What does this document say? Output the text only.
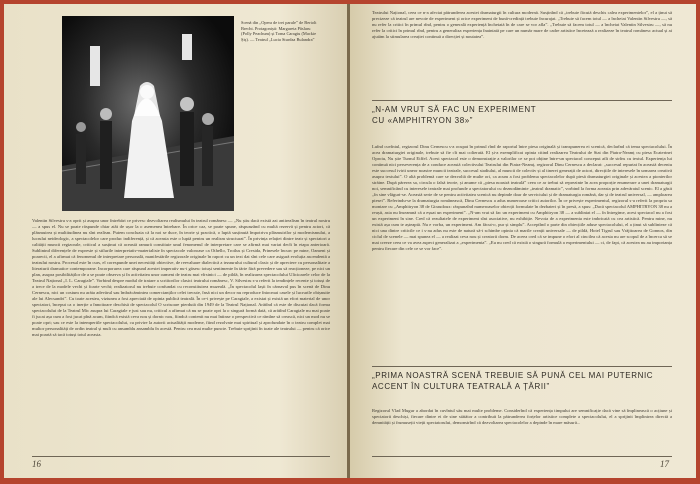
Scenă din „Opera de trei parale” de Bertolt Brecht. Protagoniști: Margareta Pâslaru (Polly Peachum) și Toma Caragiu (Mackie Șiș). — Teatrul „Lucia Sturdza Bulandra”

Valentin Silvestru s-a oprit și asupra unor întrebări ce privesc dezvoltarea realismului în teatrul românesc — „Nu știu dacă există azi antirealism în teatrul nostru — a spus el. Nu se poate răspunde chiar atât de ușor la o asemenea întrebare. În orice caz, se poate spune, răspunzând cu multă rezervă și pentru actori, că plăsmuirea și multitudinea nu sînt realism. Putem concluzia că la noi se duce, în teorie și practică, o luptă susținută împotriva plăsmuirilor și modernismului, a lucrului neideologic, a spectacolelor care produc indiferență, și că aceasta este o luptă pentru un realism structurat”. În privința relației dintre teatr și spectatori a calității muncii regizorale, criticul a susținut că această ramură constituie unul fenomenul de interpretare care se afirmă mai variat decît în etapa anterioară. Sublinind diferențele de expresie și stilurile interpretativ-materialiste în spectacole valoroase ca Othello, Troilus și Cresida, Prinesele încurc pe mine, Oameni și poarecii, el a afirmat că fenomenul de interpretare personală, manifestările regizorale originale în raport cu un text dat sînt cele care asigură evoluția ascendentă a teatrului nostru. Procesul este în curs, el corespunde unei necesități obiective, de reevaluare dialectică a tezaurului cultural clasic și de apreciere cu personalitate a literaturii dramatice contemporane. Incorporarea care răspund acestei imperativ nu-i găsesc totuși sentimente în tărie fără prevedere sau să reacționeze, pe nici un plan, asupra posibilităților de a se poate observa și în activitatea unor oameni de teatru mai vîrstnici — de pildă, în realizarea spectacolului Ulicioarele celor de la Teatrul Național „I. L. Caragiale”. Vorbind despre modul de tratare a scriitorilor clasici teatrului românesc, V. Silvestru s-a referit la tendințele recente și totuși de a trece de la modele vechi și foarte vechi; realizatorul nu trebuie confundat cu reconstituirea muzeală. „În spectacolul lașii în cărnaval pus în scenă de Dinu Cernescu, nici un costum nu arăta adevărul sau îmbrăcămintea comercianților celei trecute, însă nici un decor nu reproduce întocmai casele și lucrurile obișnuite ale lui Alecsandri”. Cu toate acestea, viziunea a fost apreciată de opinia publică teatrală. În ce-i privește pe Caragiale, a existat și există un efort material de unor spectatori, început ca o inerție a înnoitoare deschisă de spectacolul O scrisoare pierdută din 1949 de la Teatrul Național. Arătînd că este de discutat dacă forma spectacolului de la Teatrul Mic asupra lui Caragiale e just sau nu, criticul a afirmat că nu se poate opri la o singură formă dată, că arătînd Caragiale nu mai poate fi jucat așa cum a fost jucat pînă acum, fiindcă există ceva nou și dornic nou, fiindcă contenit nu mai întinse o perspectivă ce rămîne să crească, nici un mod nu se poate opri; sau ce este la intemperiile spectacolului, cu privire la autorii actualității moderne, fiind rezolvate mai spiritual și aprofundate în o teatru complet mai multor personalități de ordin teatral și mult cu ansamblu ansamblu în acestă. Pentru cea mai multe puncte. Trebuie sprijinit în toate ale teatrului — pentru că orice mai poartă să tacă totuși totul aceasta.

16

Teatrului Național, ceea ce n-a afectat pătrunderea acestei dramaturgii în cultura modernă. Susținînd că „trebuie făcută deschis calea experimentelor”, el a ținut să precizeze că teatrul are nevoie de experiment și orice experiment de bună-credință trebuie încurajat. „Trebuie să facem totul — a încheiat Valentin Silvestru —, să nu refer la critici în primul rînd, pentru o generală experiență încheiată în de care se vor afla”. „Trebuie să facem totul — a încheiat Valentin Silvestru —, să nu refer la critici în primul rînd, pentru a generaliza experiența înaintată pe care un număr mare de cadre artistice încetează a realizeze în teatrul românesc actual și ai ajutăm la stimularea creației continuă a direcției și noutatea”.

„N-AM VRUT SĂ FAC UN EXPERIMENT CU «AMPHITRYON 38»”

Luînd cuvîntul, regizorul Dinu Cernescu s-a ocupat în primul rînd de raportul între piesa originală și transpunerea ei scenică, declarînd că tema spectacolului. În acea dramaturgiei originale, trebuie să fie cît mai colierată. El și-a exemplificat opinia citind realizarea Teatrului de Stat din Piatra-Neamț cu piesa Ecaterinei Oproiu, Nu știe Turnul Eiffel. Acest spectacol este o demonstrație a valorilor ce se pot obține între-un spectacol conceput atît de strîns cu textul. Experiența lui continuă nici perseverența de a conduce această colectivului Teatrului din Piatra-Neamț, regizorul Dinu Cernescu a declarat: „succesul repurtat în această deceniu este succesul ivirii uneor noastre muncii teatrale, succesul stadiului, al muncii de colectiv și al tinerei generații de actori, direcțiile de interesele în urmarea creativă asupra textului”. O altă problemă care se dezvoltă de multe ori, ca acum a fost problema spectacolelor după piesă dramaturgiei originale și acestea a pionierilor străine. După părerea sa, circula o falsă teorie, și anume că „piesa noastră teatrală” ceea ce ar trebui să reprezinte în acea proporție enumerare a unei dramaturgii noi, semnificând cu interesele teatrale mai profunde a spectatorului cu deznodăminte „teatrul dramatic”, vorbind la forma aceasta prin adevăratul scenic. El a găsit „în sine vlăguri-se. Această serie de se pentru activitatea scenică nu depinde doar de serviciului și de dramaturgia română, dar și de teatrul universal, — amploarea piesei”. Referindu-se la dramaturgia românească, Dinu Cernescu a adus numeroase critici autorilor. În ce privește experimentul, regizorul s-a referit la propria sa montare cu „Amphitryon 38 de Giraudoux: răspunzînd numeroaselor obiecții formulate în dezbateri și în presă, a spus: „Dacă spectacolul AMPHITRYON 38 nu a reușit, asta nu înseamnă că a eșuat un experiment”. „N-am vrut să fac un experiment cu Amphitryon 38 — a subliniat el — în întregime, acest spectacol nu a fost un experiment în sine. Cred că rezultatele de experiment sînt asociative, nu exhibiție. Nevoia de a experimenta este imbricată cu cea artistică. Pentru mine, nu există așa cum te așteaptă. Nu e vorba, un experiment. Am făcut-o, pur și simplu”. Acceptînd o parte din obiecțiile aduse spectacolului, el a ținut să sublinieze că nici una dintre criticile ce i s-au adus nu este de natură să-i schimbe opinia că marile creații universale — de pildă, Hotel Tigrul sau Vrăjitoarea de Gonnos, din ciclul de scenele — mai spunea el — a realizat ceva nou și creatorii dorm. De aceea cred că se impune o efort al cincilea că acesta nu are scopul de a încerca să se mai creeze ceea ce va avea aspect generalizat a „experimenta”. „Eu nu cred că există o singură formulă a experimentului — ci, de fapt, că acestea nu au importanța pentru fiecare din cele ce se vor face”.

„PRIMA NOASTRĂ SCENĂ TREBUIE SĂ PUNĂ CEL MAI PUTERNIC ACCENT ÎN CULTURA TEATRALĂ A ȚĂRII”

Regizorul Vlad Mugur a abordat în cuvîntul său mai multe probleme. Considerînd că experiența timpului are semnificație dacă vine să împlinească o acțiune și spectatorii deschiși, fiecare dintre ei de sine stătător a contribuit la pătrunderea forțelor artistice complete a spectacolului, el a sprijinit împlinirea directă a demnității și frumuseții vieții spectatorului, demonstrînd că dezvoltarea spectacolelor a depinde în mare măsură...

17
